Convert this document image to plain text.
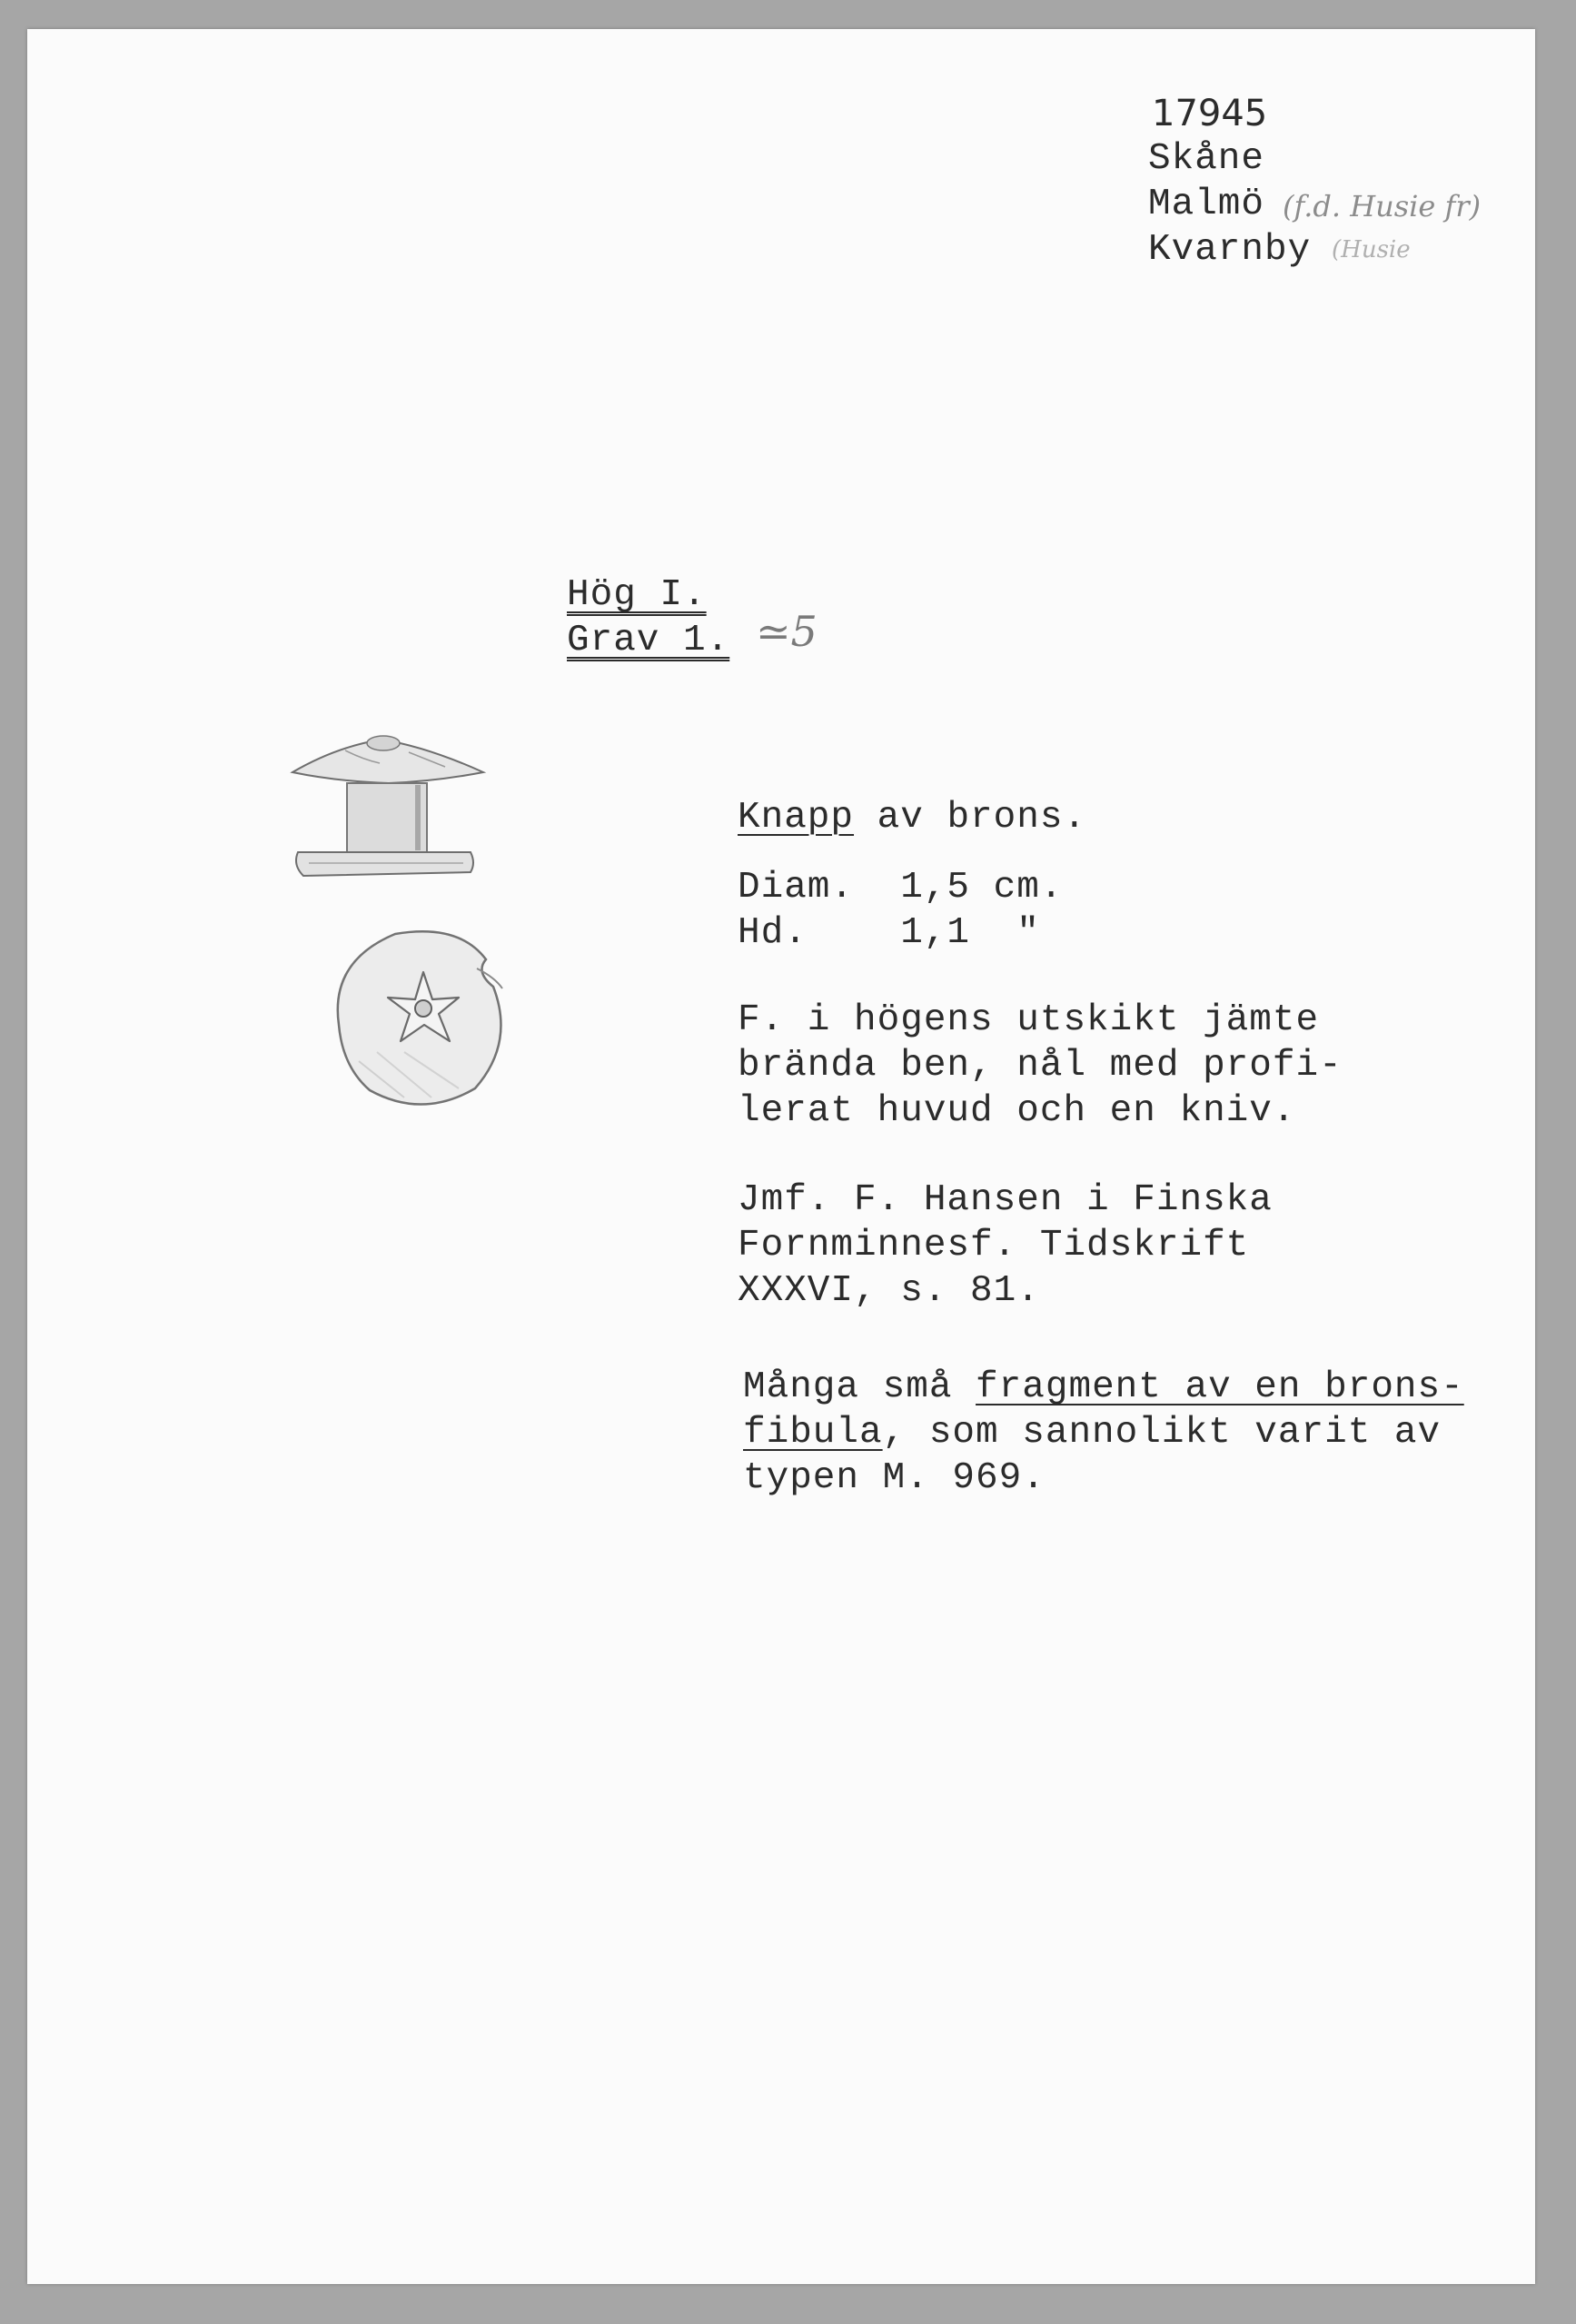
17945
Skåne
Malmö (f.d. Husie fr)
Kvarnby (Husie
Hög I.
Grav 1. ≃5
Knapp av brons.
Diam.  1,5 cm.
Hd.    1,1  "
F. i högens utskikt jämte
brända ben, nål med profi-
lerat huvud och en kniv.
Jmf. F. Hansen i Finska
Fornminnesf. Tidskrift
XXXVI, s. 81.
Många små fragment av en brons-
fibula, som sannolikt varit av
typen M. 969.
